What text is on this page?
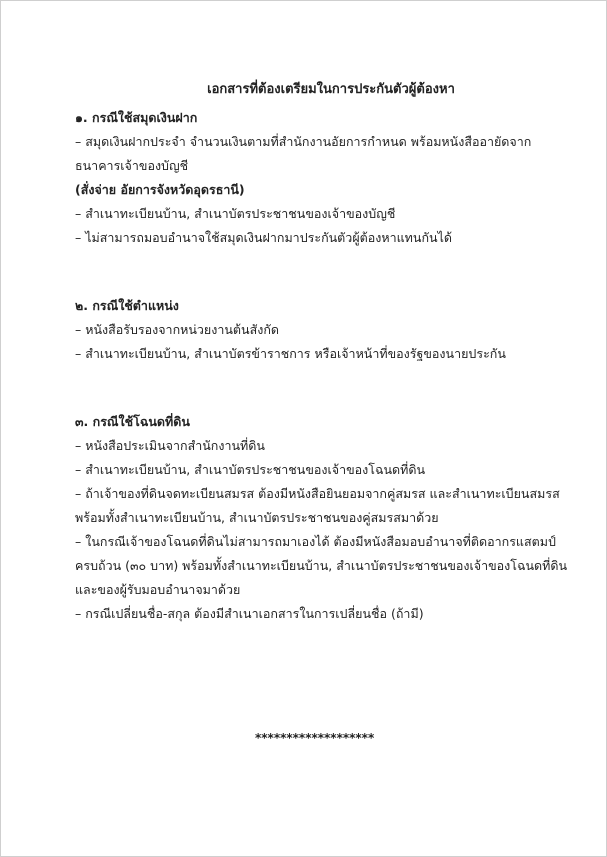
เอกสารที่ต้องเตรียมในการประกันตัวผู้ต้องหา
๑. กรณีใช้สมุดเงินฝาก
– สมุดเงินฝากประจำ จำนวนเงินตามที่สำนักงานอัยการกำหนด พร้อมหนังสืออายัดจาก
ธนาคารเจ้าของบัญชี
(สั่งจ่าย อัยการจังหวัดอุดรธานี)
– สำเนาทะเบียนบ้าน, สำเนาบัตรประชาชนของเจ้าของบัญชี
– ไม่สามารถมอบอำนาจใช้สมุดเงินฝากมาประกันตัวผู้ต้องหาแทนกันได้
๒. กรณีใช้ตำแหน่ง
– หนังสือรับรองจากหน่วยงานต้นสังกัด
– สำเนาทะเบียนบ้าน, สำเนาบัตรข้าราชการ หรือเจ้าหน้าที่ของรัฐของนายประกัน
๓. กรณีใช้โฉนดที่ดิน
– หนังสือประเมินจากสำนักงานที่ดิน
– สำเนาทะเบียนบ้าน, สำเนาบัตรประชาชนของเจ้าของโฉนดที่ดิน
– ถ้าเจ้าของที่ดินจดทะเบียนสมรส ต้องมีหนังสือยินยอมจากคู่สมรส และสำเนาทะเบียนสมรส
พร้อมทั้งสำเนาทะเบียนบ้าน, สำเนาบัตรประชาชนของคู่สมรสมาด้วย
– ในกรณีเจ้าของโฉนดที่ดินไม่สามารถมาเองได้ ต้องมีหนังสือมอบอำนาจที่ติดอากรแสตมป์
ครบถ้วน (๓๐ บาท) พร้อมทั้งสำเนาทะเบียนบ้าน, สำเนาบัตรประชาชนของเจ้าของโฉนดที่ดิน
และของผู้รับมอบอำนาจมาด้วย
– กรณีเปลี่ยนชื่อ-สกุล ต้องมีสำเนาเอกสารในการเปลี่ยนชื่อ (ถ้ามี)
*******************
